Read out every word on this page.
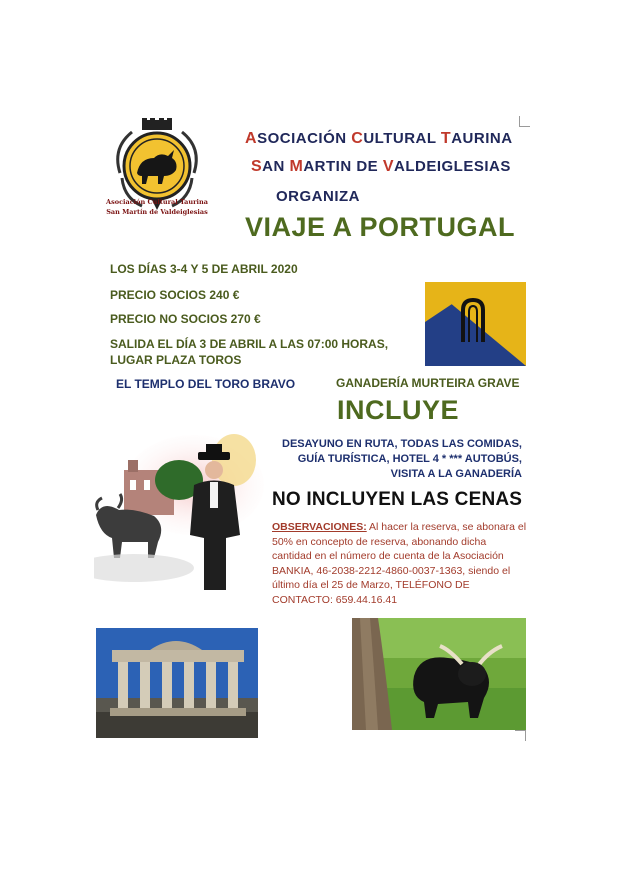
Asociación Cultural Taurina
San Martín de Valdeiglesias
ASOCIACIÓN CULTURAL TAURINA
SAN MARTIN DE VALDEIGLESIAS
ORGANIZA
VIAJE A PORTUGAL
LOS DÍAS 3-4 Y 5 DE ABRIL 2020
PRECIO SOCIOS 240 €
PRECIO NO SOCIOS 270 €
SALIDA EL DÍA 3 DE ABRIL A LAS 07:00 HORAS,
LUGAR PLAZA TOROS
EL TEMPLO DEL TORO BRAVO	GANADERÍA MURTEIRA GRAVE
INCLUYE
DESAYUNO EN RUTA, TODAS LAS COMIDAS,
GUÍA TURÍSTICA, HOTEL 4 * *** AUTOBÚS,
VISITA A LA GANADERÍA
NO INCLUYEN LAS CENAS
OBSERVACIONES: Al hacer la reserva, se abonara el 50% en concepto de reserva, abonando dicha cantidad en el número de cuenta de la Asociación BANKIA, 46-2038-2212-4860-0037-1363, siendo el último día el 25 de Marzo, TELÉFONO DE CONTACTO: 659.44.16.41
